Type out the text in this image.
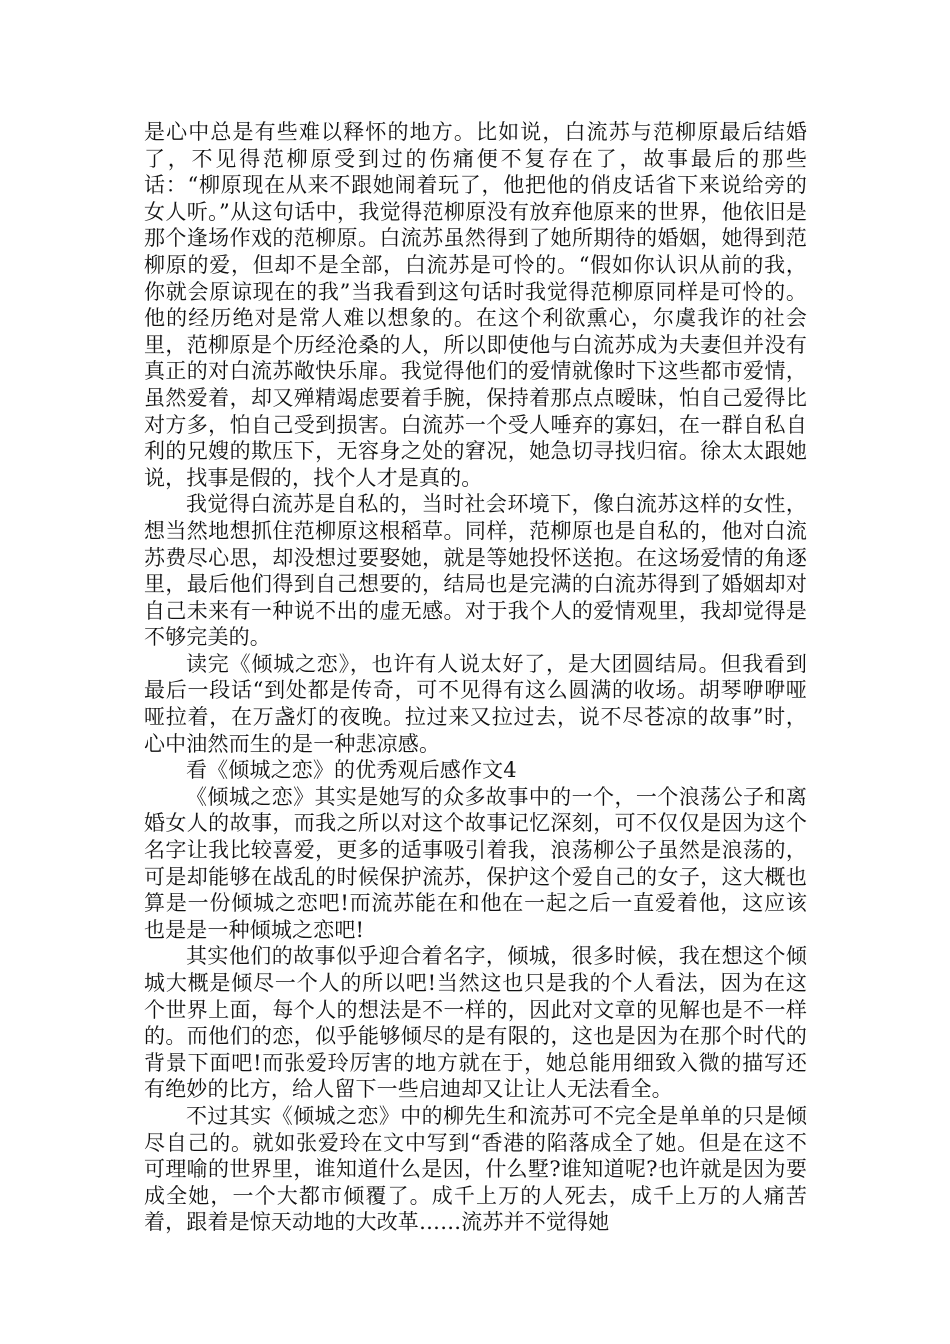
是心中总是有些难以释怀的地方。比如说，白流苏与范柳原最后结婚了，不见得范柳原受到过的伤痛便不复存在了，故事最后的那些话：“柳原现在从来不跟她闹着玩了，他把他的俏皮话省下来说给旁的女人听。”从这句话中，我觉得范柳原没有放弃他原来的世界，他依旧是那个逢场作戏的范柳原。白流苏虽然得到了她所期待的婚姻，她得到范柳原的爱，但却不是全部，白流苏是可怜的。“假如你认识从前的我，你就会原谅现在的我”当我看到这句话时我觉得范柳原同样是可怜的。他的经历绝对是常人难以想象的。在这个利欲熏心，尔虞我诈的社会里，范柳原是个历经沧桑的人，所以即使他与白流苏成为夫妻但并没有真正的对白流苏敞快乐扉。我觉得他们的爱情就像时下这些都市爱情，虽然爱着，却又殚精竭虑要着手腕，保持着那点点暧昧，怕自己爱得比对方多，怕自己受到损害。白流苏一个受人唾弃的寡妇，在一群自私自利的兄嫂的欺压下，无容身之处的窘况，她急切寻找归宿。徐太太跟她说，找事是假的，找个人才是真的。

我觉得白流苏是自私的，当时社会环境下，像白流苏这样的女性，想当然地想抓住范柳原这根稻草。同样，范柳原也是自私的，他对白流苏费尽心思，却没想过要娶她，就是等她投怀送抱。在这场爱情的角逐里，最后他们得到自己想要的，结局也是完满的白流苏得到了婚姻却对自己未来有一种说不出的虚无感。对于我个人的爱情观里，我却觉得是不够完美的。

读完《倾城之恋》，也许有人说太好了，是大团圆结局。但我看到最后一段话“到处都是传奇，可不见得有这么圆满的收场。胡琴咿咿哑哑拉着，在万盏灯的夜晚。拉过来又拉过去，说不尽苍凉的故事”时，心中油然而生的是一种悲凉感。

看《倾城之恋》的优秀观后感作文4

《倾城之恋》其实是她写的众多故事中的一个，一个浪荡公子和离婚女人的故事，而我之所以对这个故事记忆深刻，可不仅仅是因为这个名字让我比较喜爱，更多的适事吸引着我，浪荡柳公子虽然是浪荡的，可是却能够在战乱的时候保护流苏，保护这个爱自己的女子，这大概也算是一份倾城之恋吧!而流苏能在和他在一起之后一直爱着他，这应该也是是一种倾城之恋吧!

其实他们的故事似乎迎合着名字，倾城，很多时候，我在想这个倾城大概是倾尽一个人的所以吧!当然这也只是我的个人看法，因为在这个世界上面，每个人的想法是不一样的，因此对文章的见解也是不一样的。而他们的恋，似乎能够倾尽的是有限的，这也是因为在那个时代的背景下面吧!而张爱玲厉害的地方就在于，她总能用细致入微的描写还有绝妙的比方，给人留下一些启迪却又让让人无法看全。

不过其实《倾城之恋》中的柳先生和流苏可不完全是单单的只是倾尽自己的。就如张爱玲在文中写到“香港的陷落成全了她。但是在这不可理喻的世界里，谁知道什么是因，什么墅?谁知道呢?也许就是因为要成全她，一个大都市倾覆了。成千上万的人死去，成千上万的人痛苦着，跟着是惊天动地的大改革……流苏并不觉得她
